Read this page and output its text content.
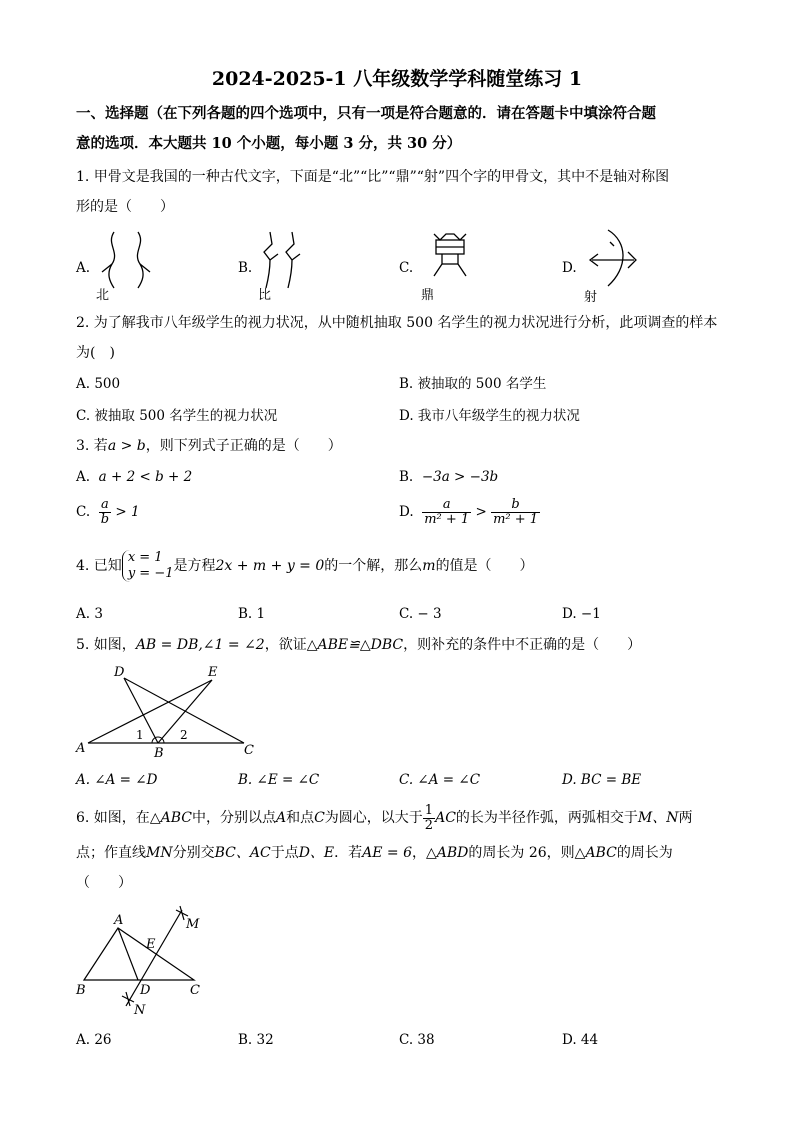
2024-2025-1 八年级数学学科随堂练习 1
一、选择题（在下列各题的四个选项中，只有一项是符合题意的．请在答题卡中填涂符合题
意的选项．本大题共 10 个小题，每小题 3 分，共 30 分）
1. 甲骨文是我国的一种古代文字，下面是“北”“比”“鼎”“射”四个字的甲骨文，其中不是轴对称图
形的是（　　）
A.	B.	C.	D.
北	比	鼎	射
2. 为了解我市八年级学生的视力状况，从中随机抽取 500 名学生的视力状况进行分析，此项调查的样本
为(　)
A. 500	B. 被抽取的 500 名学生
C. 被抽取 500 名学生的视力状况	D. 我市八年级学生的视力状况
3. 若a > b，则下列式子正确的是（　　）
A. a + 2 < b + 2	B. −3a > −3b
C. $\frac{a}{b} > 1$	D. $\frac{a}{\text{m² + 1}} > \frac{b}{\text{m² + 1}}$
4. 已知
x = 1
y = −1 是方程2x + m + y = 0的一个解，那么m的值是（　　）
A. 3	B. 1	C. − 3	D. −1
5. 如图，AB = DB,∠1 = ∠2，欲证△ABE≌△DBC，则补充的条件中不正确的是（　　）
A	B	C
D	E
1	2
A. ∠A = ∠D	B. ∠E = ∠C	C. ∠A = ∠C	D. BC = BE
6. 如图，在△ABC中，分别以点A和点C为圆心，以大于 $\frac{1}{2}$ AC的长为半径作弧，两弧相交于M、N两
点；作直线MN分别交BC、AC于点D、E．若AE = 6，△ABD的周长为 26，则△ABC的周长为
（　　）
A
B	C
D
E
M
N
A. 26	B. 32	C. 38	D. 44
